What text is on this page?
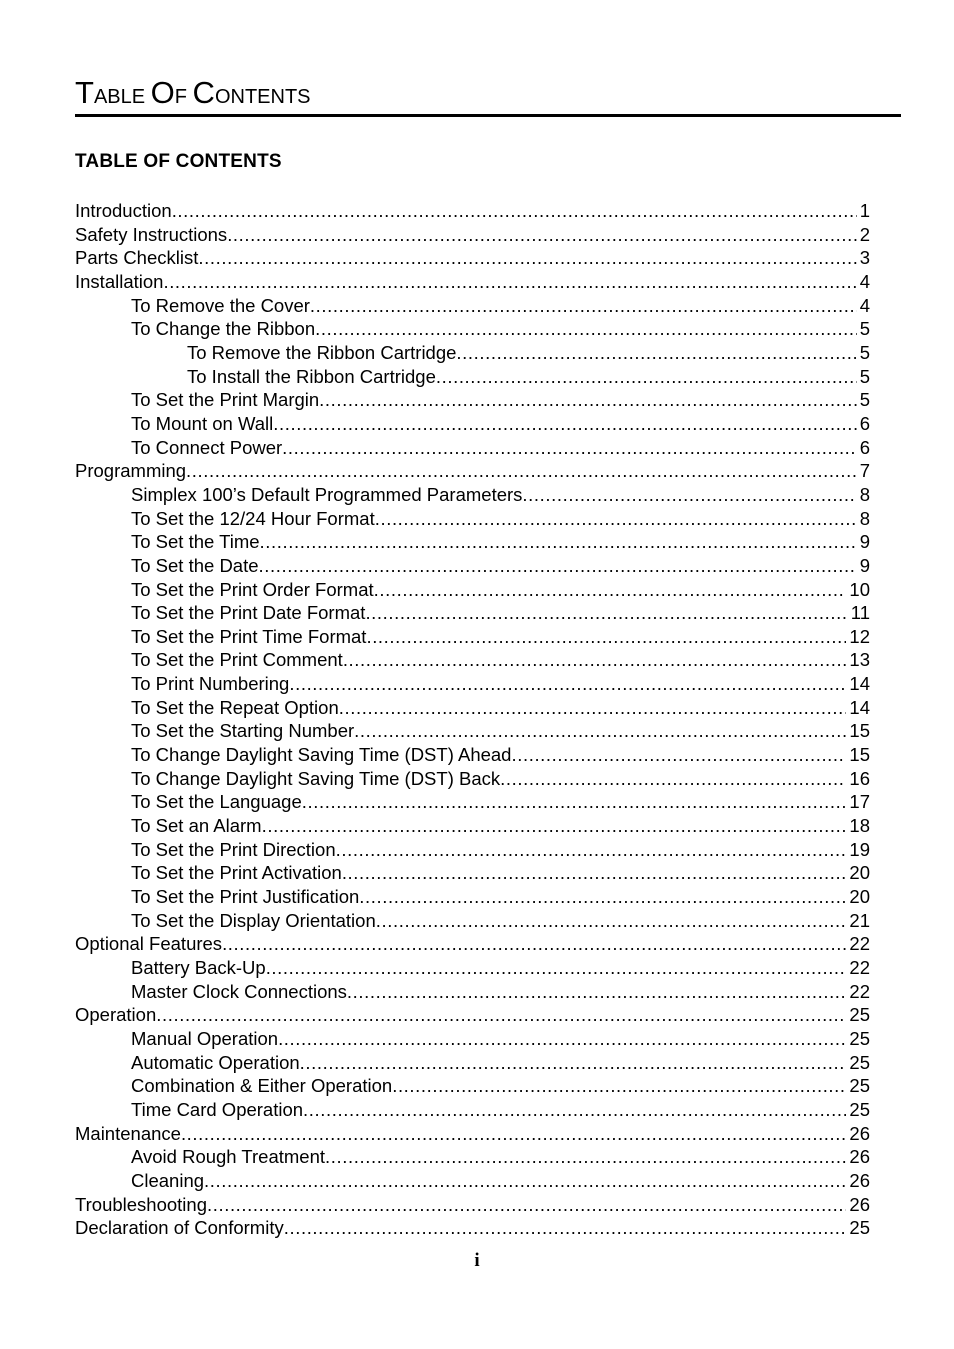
TABLE OF CONTENTS
TABLE OF CONTENTS
Introduction .....	1
Safety Instructions .....	2
Parts Checklist .....	3
Installation .....	4
To Remove the Cover .....	4
To Change the Ribbon .....	5
To Remove the Ribbon Cartridge .....	5
To Install the Ribbon Cartridge .....	5
To Set the Print Margin .....	5
To Mount on Wall .....	6
To Connect Power .....	6
Programming .....	7
Simplex 100’s Default Programmed Parameters .....	8
To Set the 12/24 Hour Format .....	8
To Set the Time .....	9
To Set the Date .....	9
To Set the Print Order Format .....	10
To Set the Print Date Format .....	11
To Set the Print Time Format .....	12
To Set the Print Comment .....	13
To Print Numbering .....	14
To Set the Repeat Option .....	14
To Set the Starting Number .....	15
To Change Daylight Saving Time (DST) Ahead .....	15
To Change Daylight Saving Time (DST) Back .....	16
To Set the Language .....	17
To Set an Alarm .....	18
To Set the Print Direction .....	19
To Set the Print Activation .....	20
To Set the Print Justification .....	20
To Set the Display Orientation .....	21
Optional Features .....	22
Battery Back-Up .....	22
Master Clock Connections .....	22
Operation .....	25
Manual Operation .....	25
Automatic Operation .....	25
Combination & Either Operation .....	25
Time Card Operation .....	25
Maintenance .....	26
Avoid Rough Treatment .....	26
Cleaning .....	26
Troubleshooting .....	26
Declaration of Conformity .....	25
i
